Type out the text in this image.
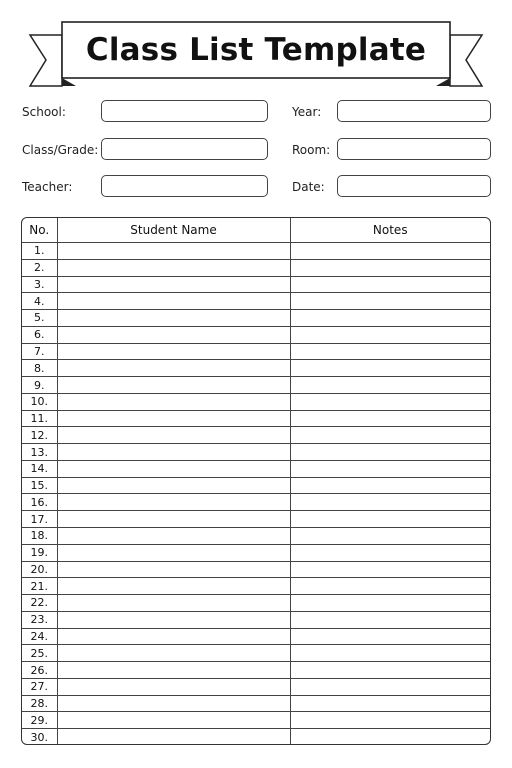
Class List Template
School:	Year:
Class/Grade:	Room:
Teacher:	Date:
No.	Student Name	Notes
1.		
2.		
3.		
4.		
5.		
6.		
7.		
8.		
9.		
10.		
11.		
12.		
13.		
14.		
15.		
16.		
17.		
18.		
19.		
20.		
21.		
22.		
23.		
24.		
25.		
26.		
27.		
28.		
29.		
30.		
